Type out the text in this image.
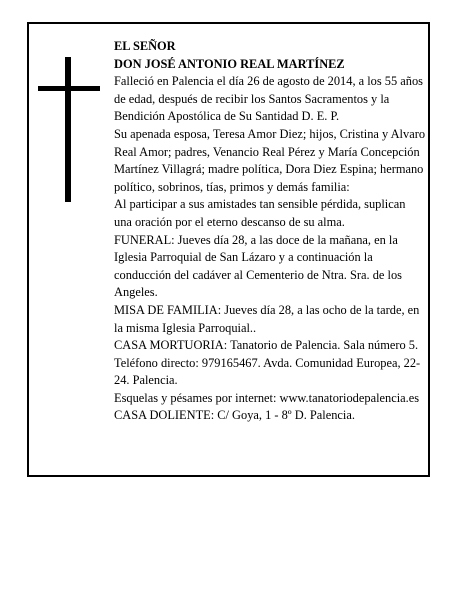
EL SEÑOR

DON JOSÉ ANTONIO REAL MARTÍNEZ

Falleció en Palencia el día 26 de agosto de 2014, a los 55 años de edad, después de recibir los Santos Sacramentos y la Bendición Apostólica de Su Santidad D. E. P.

Su apenada esposa, Teresa Amor Diez; hijos, Cristina y Alvaro Real Amor; padres, Venancio Real Pérez y María Concepción Martínez Villagrá; madre política, Dora Diez Espina; hermano político, sobrinos, tías, primos y demás familia:

Al participar a sus amistades tan sensible pérdida, suplican una oración por el eterno descanso de su alma.

FUNERAL: Jueves día 28, a las doce de la mañana, en la Iglesia Parroquial de San Lázaro y a continuación la conducción del cadáver al Cementerio de Ntra. Sra. de los Angeles.

MISA DE FAMILIA: Jueves día 28, a las ocho de la tarde, en la misma Iglesia Parroquial..

CASA MORTUORIA: Tanatorio de Palencia. Sala número 5. Teléfono directo: 979165467. Avda. Comunidad Europea, 22-24. Palencia.

Esquelas y pésames por internet: www.tanatoriodepalencia.es

CASA DOLIENTE: C/ Goya, 1 - 8º D. Palencia.
